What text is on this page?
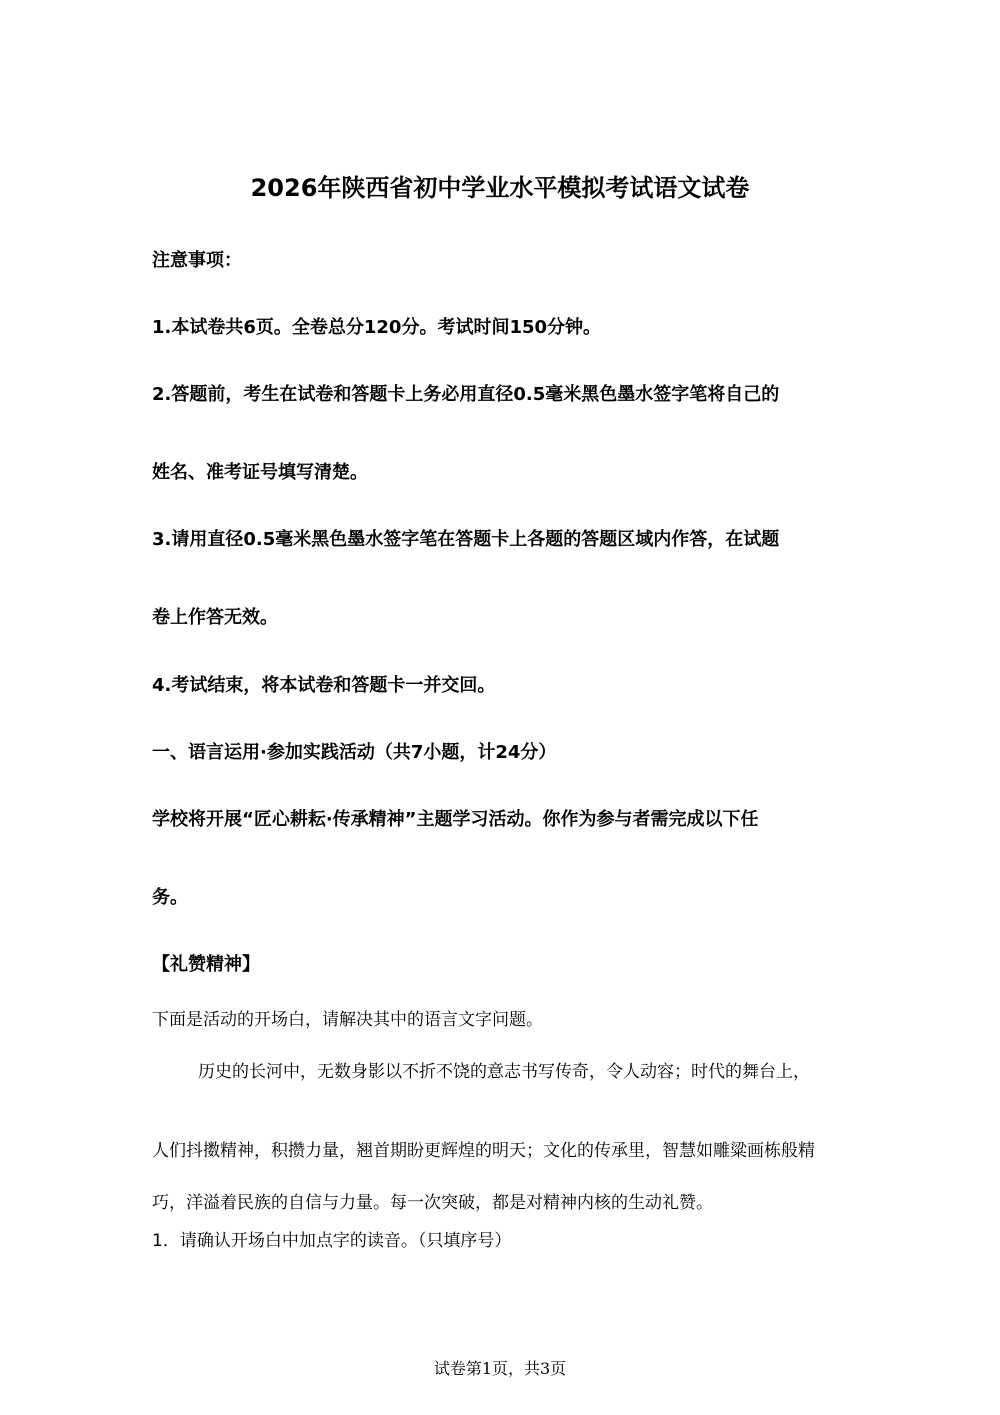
2026年陕西省初中学业水平模拟考试语文试卷
注意事项：
1.本试卷共6页。全卷总分120分。考试时间150分钟。
2.答题前，考生在试卷和答题卡上务必用直径0.5毫米黑色墨水签字笔将自己的
姓名、准考证号填写清楚。
3.请用直径0.5毫米黑色墨水签字笔在答题卡上各题的答题区域内作答，在试题
卷上作答无效。
4.考试结束，将本试卷和答题卡一并交回。
一、语言运用·参加实践活动（共7小题，计24分）
学校将开展“匠心耕耘·传承精神”主题学习活动。你作为参与者需完成以下任
务。
【礼赞精神】
下面是活动的开场白，请解决其中的语言文字问题。
历史的长河中，无数身影以不折不饶的意志书写传奇，令人动容；时代的舞台上，
人们抖擞精神，积攒力量，翘首期盼更辉煌的明天；文化的传承里，智慧如雕粱画栋般精
巧，洋溢着民族的自信与力量。每一次突破，都是对精神内核的生动礼赞。
1．请确认开场白中加点字的读音。（只填序号）
试卷第1页，共3页
